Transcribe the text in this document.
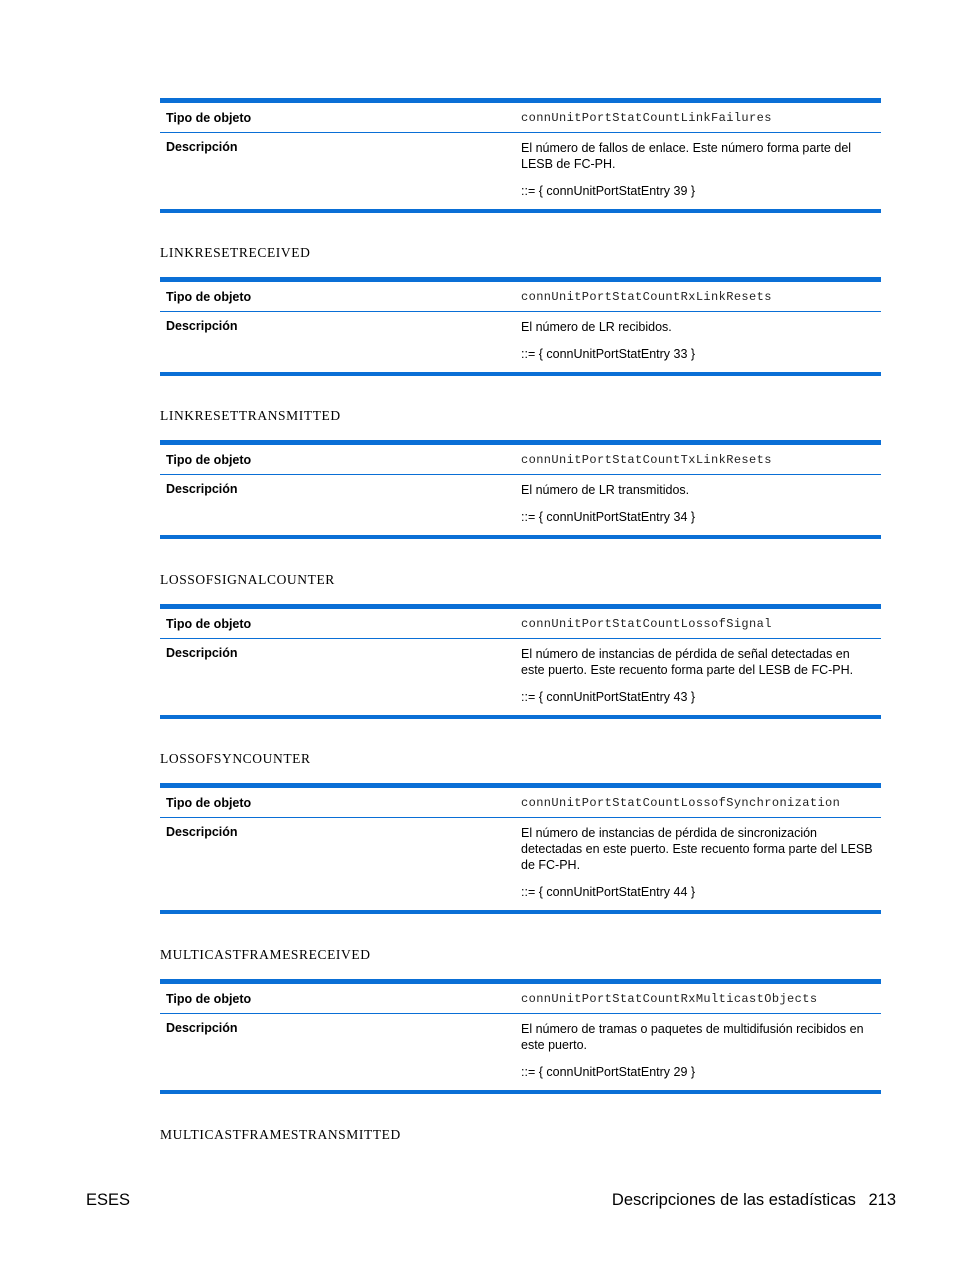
Tipo de objeto	connUnitPortStatCountLinkFailures
Descripción	El número de fallos de enlace. Este número forma parte del LESB de FC-PH.
::= { connUnitPortStatEntry 39 }
LINKRESETRECEIVED
Tipo de objeto	connUnitPortStatCountRxLinkResets
Descripción	El número de LR recibidos.
::= { connUnitPortStatEntry 33 }
LINKRESETTRANSMITTED
Tipo de objeto	connUnitPortStatCountTxLinkResets
Descripción	El número de LR transmitidos.
::= { connUnitPortStatEntry 34 }
LOSSOFSIGNALCOUNTER
Tipo de objeto	connUnitPortStatCountLossofSignal
Descripción	El número de instancias de pérdida de señal detectadas en este puerto. Este recuento forma parte del LESB de FC-PH.
::= { connUnitPortStatEntry 43 }
LOSSOFSYNCOUNTER
Tipo de objeto	connUnitPortStatCountLossofSynchronization
Descripción	El número de instancias de pérdida de sincronización detectadas en este puerto. Este recuento forma parte del LESB de FC-PH.
::= { connUnitPortStatEntry 44 }
MULTICASTFRAMESRECEIVED
Tipo de objeto	connUnitPortStatCountRxMulticastObjects
Descripción	El número de tramas o paquetes de multidifusión recibidos en este puerto.
::= { connUnitPortStatEntry 29 }
MULTICASTFRAMESTRANSMITTED
ESES	Descripciones de las estadísticas 213
